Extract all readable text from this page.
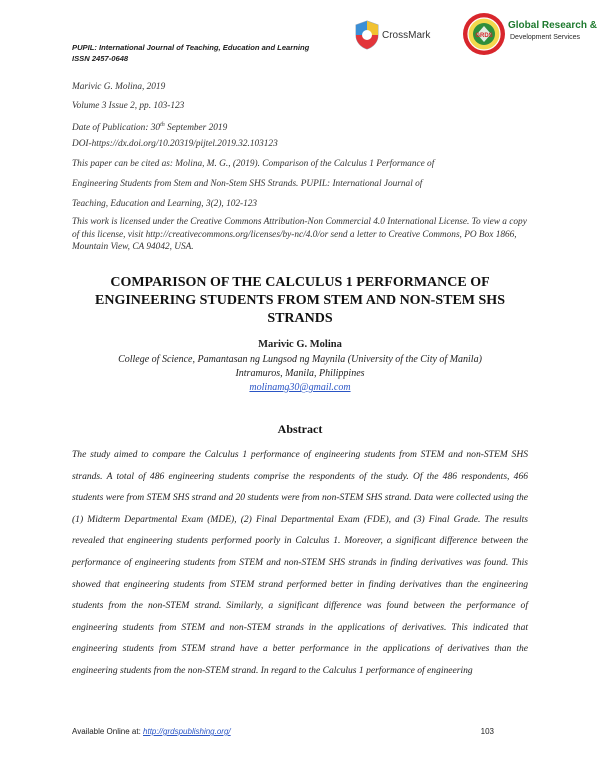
PUPIL: International Journal of Teaching, Education and Learning
ISSN 2457-0648
CrossMark	GRDS
Global Research &
Development Services
Marivic G. Molina, 2019
Volume 3 Issue 2, pp. 103-123
Date of Publication: 30th September 2019
DOI-https://dx.doi.org/10.20319/pijtel.2019.32.103123
This paper can be cited as: Molina, M. G., (2019). Comparison of the Calculus 1 Performance of
Engineering Students from Stem and Non-Stem SHS Strands. PUPIL: International Journal of
Teaching, Education and Learning, 3(2), 102-123
This work is licensed under the Creative Commons Attribution-Non Commercial 4.0 International License. To view a copy of this license, visit http://creativecommons.org/licenses/by-nc/4.0/or send a letter to Creative Commons, PO Box 1866, Mountain View, CA 94042, USA.
COMPARISON OF THE CALCULUS 1 PERFORMANCE OF ENGINEERING STUDENTS FROM STEM AND NON-STEM SHS STRANDS
Marivic G. Molina
College of Science, Pamantasan ng Lungsod ng Maynila (University of the City of Manila)
Intramuros, Manila, Philippines
molinamg30@gmail.com
Abstract
The study aimed to compare the Calculus 1 performance of engineering students from STEM and non-STEM SHS strands. A total of 486 engineering students comprise the respondents of the study. Of the 486 respondents, 466 students were from STEM SHS strand and 20 students were from non-STEM SHS strand. Data were collected using the (1) Midterm Departmental Exam (MDE), (2) Final Departmental Exam (FDE), and (3) Final Grade. The results revealed that engineering students performed poorly in Calculus 1. Moreover, a significant difference between the performance of engineering students from STEM and non-STEM SHS strands in finding derivatives was found. This showed that engineering students from STEM strand performed better in finding derivatives than the engineering students from the non-STEM strand. Similarly, a significant difference was found between the performance of engineering students from STEM and non-STEM strands in the applications of derivatives. This indicated that engineering students from STEM strand have a better performance in the applications of derivatives than the engineering students from the non-STEM strand. In regard to the Calculus 1 performance of engineering
Available Online at: http://grdspublishing.org/	103
